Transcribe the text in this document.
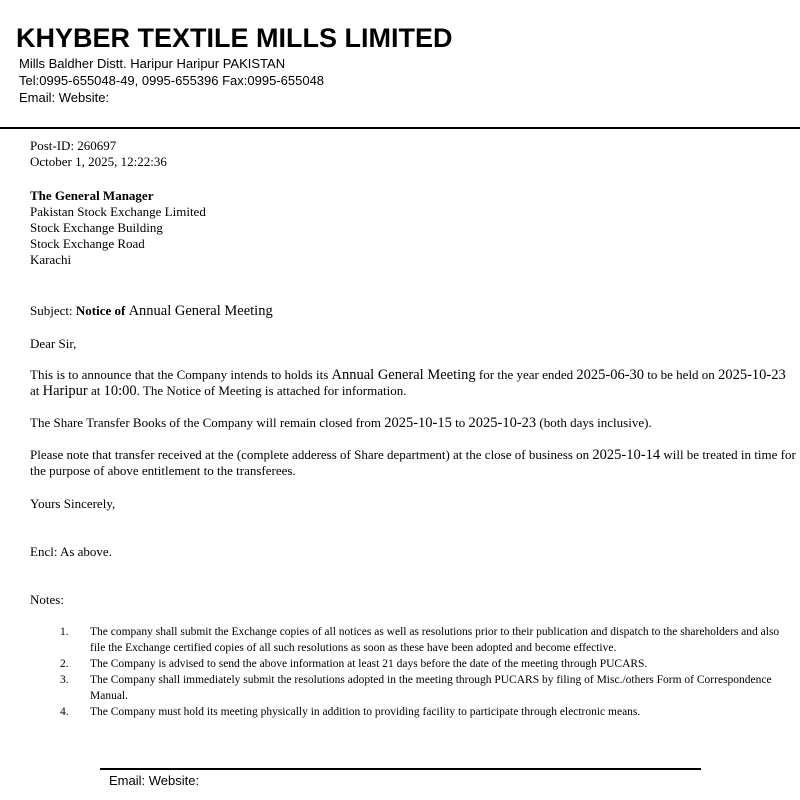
KHYBER TEXTILE MILLS LIMITED

Mills Baldher Distt. Haripur Haripur PAKISTAN

Tel:0995-655048-49, 0995-655396 Fax:0995-655048

Email: Website:

Post-ID: 260697

October 1, 2025, 12:22:36

The General Manager

Pakistan Stock Exchange Limited

Stock Exchange Building

Stock Exchange Road

Karachi

Subject: Notice of Annual General Meeting

Dear Sir,

This is to announce that the Company intends to holds its Annual General Meeting for the year ended 2025-06-30 to be held on 2025-10-23 at Haripur at 10:00. The Notice of Meeting is attached for information.

The Share Transfer Books of the Company will remain closed from 2025-10-15 to 2025-10-23 (both days inclusive).

Please note that transfer received at the (complete adderess of Share department) at the close of business on 2025-10-14 will be treated in time for the purpose of above entitlement to the transferees.

Yours Sincerely,

Encl: As above.

Notes:

1. The company shall submit the Exchange copies of all notices as well as resolutions prior to their publication and dispatch to the shareholders and also file the Exchange certified copies of all such resolutions as soon as these have been adopted and become effective.
2. The Company is advised to send the above information at least 21 days before the date of the meeting through PUCARS.
3. The Company shall immediately submit the resolutions adopted in the meeting through PUCARS by filing of Misc./others Form of Correspondence Manual.
4. The Company must hold its meeting physically in addition to providing facility to participate through electronic means.

Email: Website:
